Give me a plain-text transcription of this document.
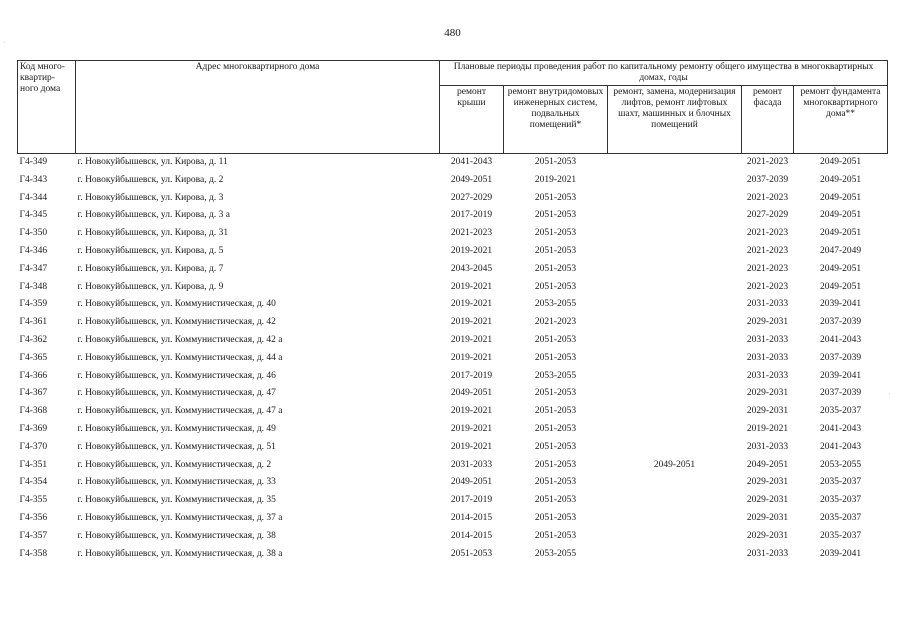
·
·
480
Код много-квартир-ного дома	Адрес многоквартирного дома	Плановые периоды проведения работ по капитальному ремонту общего имущества в многоквартирных домах, годы				
		ремонт крыши	ремонт внутридомовых инженерных систем, подвальных помещений*	ремонт, замена, модернизация лифтов, ремонт лифтовых шахт, машинных и блочных помещений	ремонт фасада	ремонт фундамента многоквартирного дома**
Г4-349	г. Новокуйбышевск, ул. Кирова, д. 11	2041-2043	2051-2053		2021-2023	2049-2051
Г4-343	г. Новокуйбышевск, ул. Кирова, д. 2	2049-2051	2019-2021		2037-2039	2049-2051
Г4-344	г. Новокуйбышевск, ул. Кирова, д. 3	2027-2029	2051-2053		2021-2023	2049-2051
Г4-345	г. Новокуйбышевск, ул. Кирова, д. 3 а	2017-2019	2051-2053		2027-2029	2049-2051
Г4-350	г. Новокуйбышевск, ул. Кирова, д. 31	2021-2023	2051-2053		2021-2023	2049-2051
Г4-346	г. Новокуйбышевск, ул. Кирова, д. 5	2019-2021	2051-2053		2021-2023	2047-2049
Г4-347	г. Новокуйбышевск, ул. Кирова, д. 7	2043-2045	2051-2053		2021-2023	2049-2051
Г4-348	г. Новокуйбышевск, ул. Кирова, д. 9	2019-2021	2051-2053		2021-2023	2049-2051
Г4-359	г. Новокуйбышевск, ул. Коммунистическая, д. 40	2019-2021	2053-2055		2031-2033	2039-2041
Г4-361	г. Новокуйбышевск, ул. Коммунистическая, д. 42	2019-2021	2021-2023		2029-2031	2037-2039
Г4-362	г. Новокуйбышевск, ул. Коммунистическая, д. 42 а	2019-2021	2051-2053		2031-2033	2041-2043
Г4-365	г. Новокуйбышевск, ул. Коммунистическая, д. 44 а	2019-2021	2051-2053		2031-2033	2037-2039
Г4-366	г. Новокуйбышевск, ул. Коммунистическая, д. 46	2017-2019	2053-2055		2031-2033	2039-2041
Г4-367	г. Новокуйбышевск, ул. Коммунистическая, д. 47	2049-2051	2051-2053		2029-2031	2037-2039
Г4-368	г. Новокуйбышевск, ул. Коммунистическая, д. 47 а	2019-2021	2051-2053		2029-2031	2035-2037
Г4-369	г. Новокуйбышевск, ул. Коммунистическая, д. 49	2019-2021	2051-2053		2019-2021	2041-2043
Г4-370	г. Новокуйбышевск, ул. Коммунистическая, д. 51	2019-2021	2051-2053		2031-2033	2041-2043
Г4-351	г. Новокуйбышевск, ул. Коммунистическая, д. 2	2031-2033	2051-2053	2049-2051	2049-2051	2053-2055
Г4-354	г. Новокуйбышевск, ул. Коммунистическая, д. 33	2049-2051	2051-2053		2029-2031	2035-2037
Г4-355	г. Новокуйбышевск, ул. Коммунистическая, д. 35	2017-2019	2051-2053		2029-2031	2035-2037
Г4-356	г. Новокуйбышевск, ул. Коммунистическая, д. 37 а	2014-2015	2051-2053		2029-2031	2035-2037
Г4-357	г. Новокуйбышевск, ул. Коммунистическая, д. 38	2014-2015	2051-2053		2029-2031	2035-2037
Г4-358	г. Новокуйбышевск, ул. Коммунистическая, д. 38 а	2051-2053	2053-2055		2031-2033	2039-2041
